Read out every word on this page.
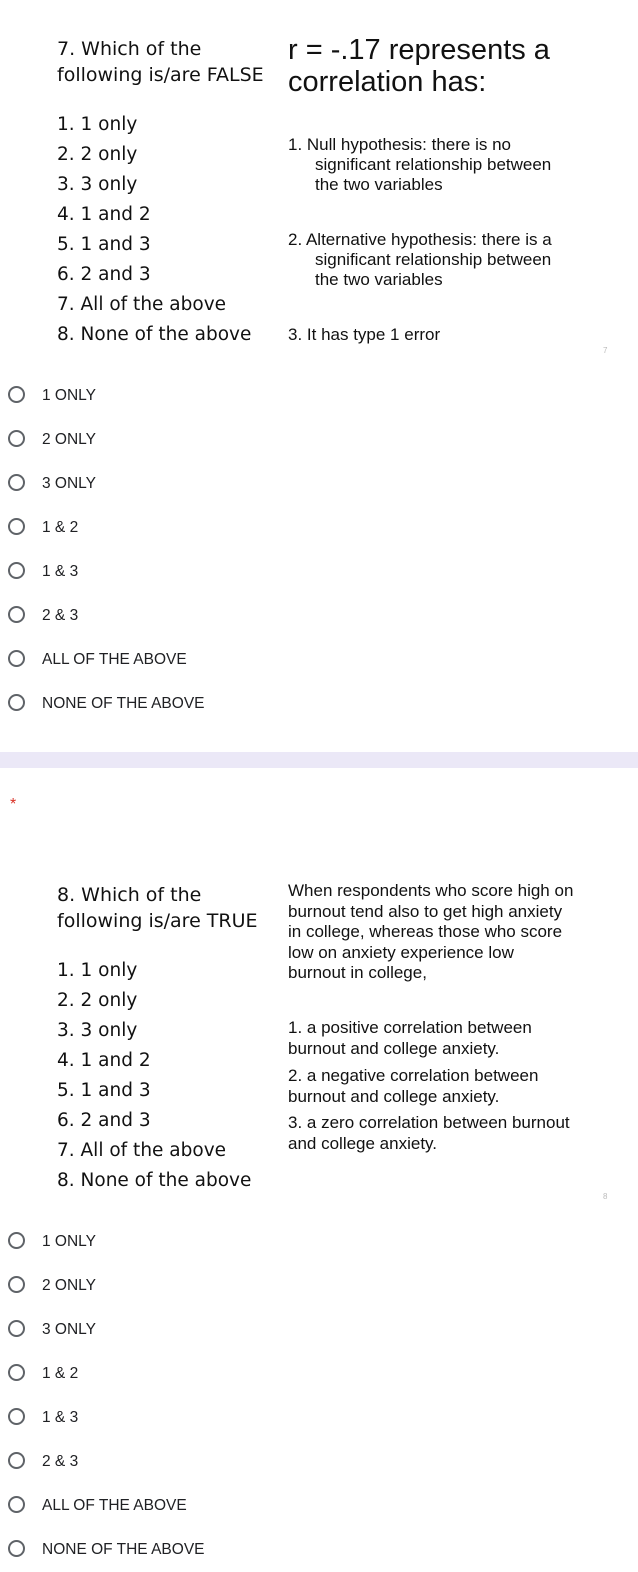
7. Which of the
following is/are FALSE
1. 1 only
2. 2 only
3. 3 only
4. 1 and 2
5. 1 and 3
6. 2 and 3
7. All of the above
8. None of the above
r = -.17 represents a
correlation has:
1. Null hypothesis: there is no
significant relationship between
the two variables
2. Alternative hypothesis: there is a
significant relationship between
the two variables
3. It has type 1 error
7
1 ONLY
2 ONLY
3 ONLY
1 & 2
1 & 3
2 & 3
ALL OF THE ABOVE
NONE OF THE ABOVE
*
8. Which of the
following is/are TRUE
1. 1 only
2. 2 only
3. 3 only
4. 1 and 2
5. 1 and 3
6. 2 and 3
7. All of the above
8. None of the above
When respondents who score high on
burnout tend also to get high anxiety
in college, whereas those who score
low on anxiety experience low
burnout in college,
1. a positive correlation between
burnout and college anxiety.
2. a negative correlation between
burnout and college anxiety.
3. a zero correlation between burnout
and college anxiety.
8
1 ONLY
2 ONLY
3 ONLY
1 & 2
1 & 3
2 & 3
ALL OF THE ABOVE
NONE OF THE ABOVE
